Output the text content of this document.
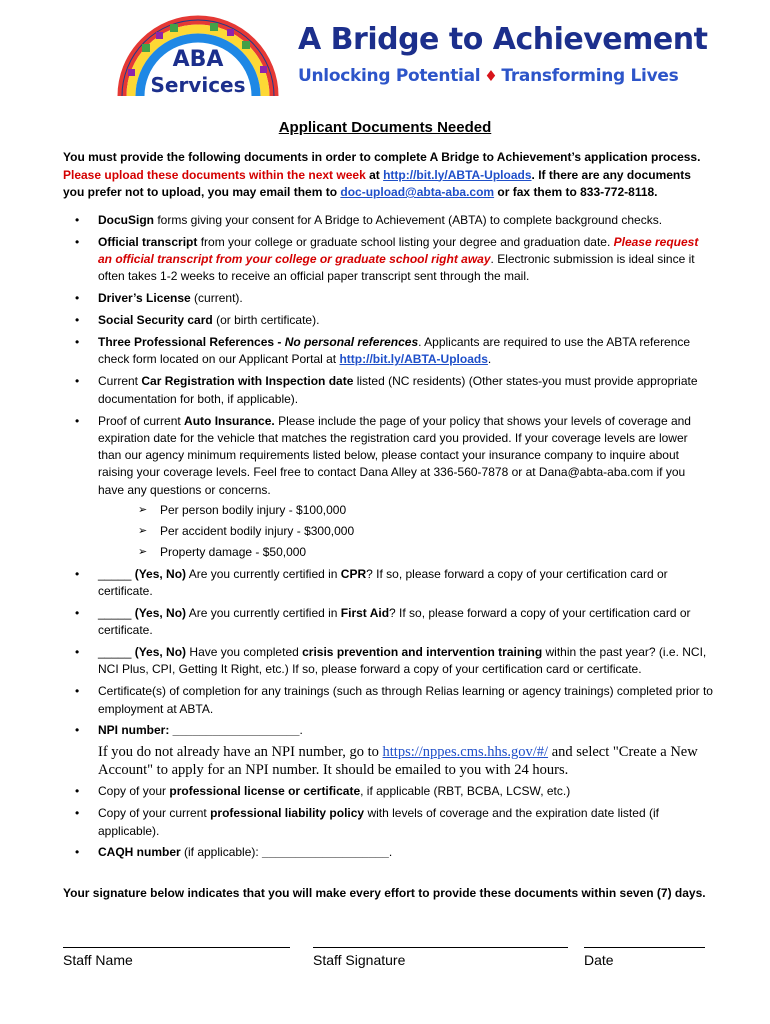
ABA
Services
A Bridge to Achievement
Unlocking Potential ♦ Transforming Lives
Applicant Documents Needed
You must provide the following documents in order to complete A Bridge to Achievement’s application process. Please upload these documents within the next week at http://bit.ly/ABTA-Uploads. If there are any documents you prefer not to upload, you may email them to doc-upload@abta-aba.com or fax them to 833-772-8118.
• DocuSign forms giving your consent for A Bridge to Achievement (ABTA) to complete background checks.
• Official transcript from your college or graduate school listing your degree and graduation date. Please request an official transcript from your college or graduate school right away. Electronic submission is ideal since it often takes 1-2 weeks to receive an official paper transcript sent through the mail.
• Driver’s License (current).
• Social Security card (or birth certificate).
• Three Professional References - No personal references. Applicants are required to use the ABTA reference check form located on our Applicant Portal at http://bit.ly/ABTA-Uploads.
• Current Car Registration with Inspection date listed (NC residents) (Other states-you must provide appropriate documentation for both, if applicable).
• Proof of current Auto Insurance. Please include the page of your policy that shows your levels of coverage and expiration date for the vehicle that matches the registration card you provided. If your coverage levels are lower than our agency minimum requirements listed below, please contact your insurance company to inquire about raising your coverage levels. Feel free to contact Dana Alley at 336-560-7878 or at Dana@abta-aba.com if you have any questions or concerns.
➢ Per person bodily injury - $100,000
➢ Per accident bodily injury - $300,000
➢ Property damage - $50,000
• _____ (Yes, No) Are you currently certified in CPR? If so, please forward a copy of your certification card or certificate.
• _____ (Yes, No) Are you currently certified in First Aid? If so, please forward a copy of your certification card or certificate.
• _____ (Yes, No) Have you completed crisis prevention and intervention training within the past year? (i.e. NCI, NCI Plus, CPI, Getting It Right, etc.) If so, please forward a copy of your certification card or certificate.
• Certificate(s) of completion for any trainings (such as through Relias learning or agency trainings) completed prior to employment at ABTA.
• NPI number: ___________________.
If you do not already have an NPI number, go to https://nppes.cms.hhs.gov/#/ and select "Create a New Account" to apply for an NPI number. It should be emailed to you with 24 hours.
• Copy of your professional license or certificate, if applicable (RBT, BCBA, LCSW, etc.)
• Copy of your current professional liability policy with levels of coverage and the expiration date listed (if applicable).
• CAQH number (if applicable): ___________________.
Your signature below indicates that you will make every effort to provide these documents within seven (7) days.
Staff Name	Staff Signature	Date
